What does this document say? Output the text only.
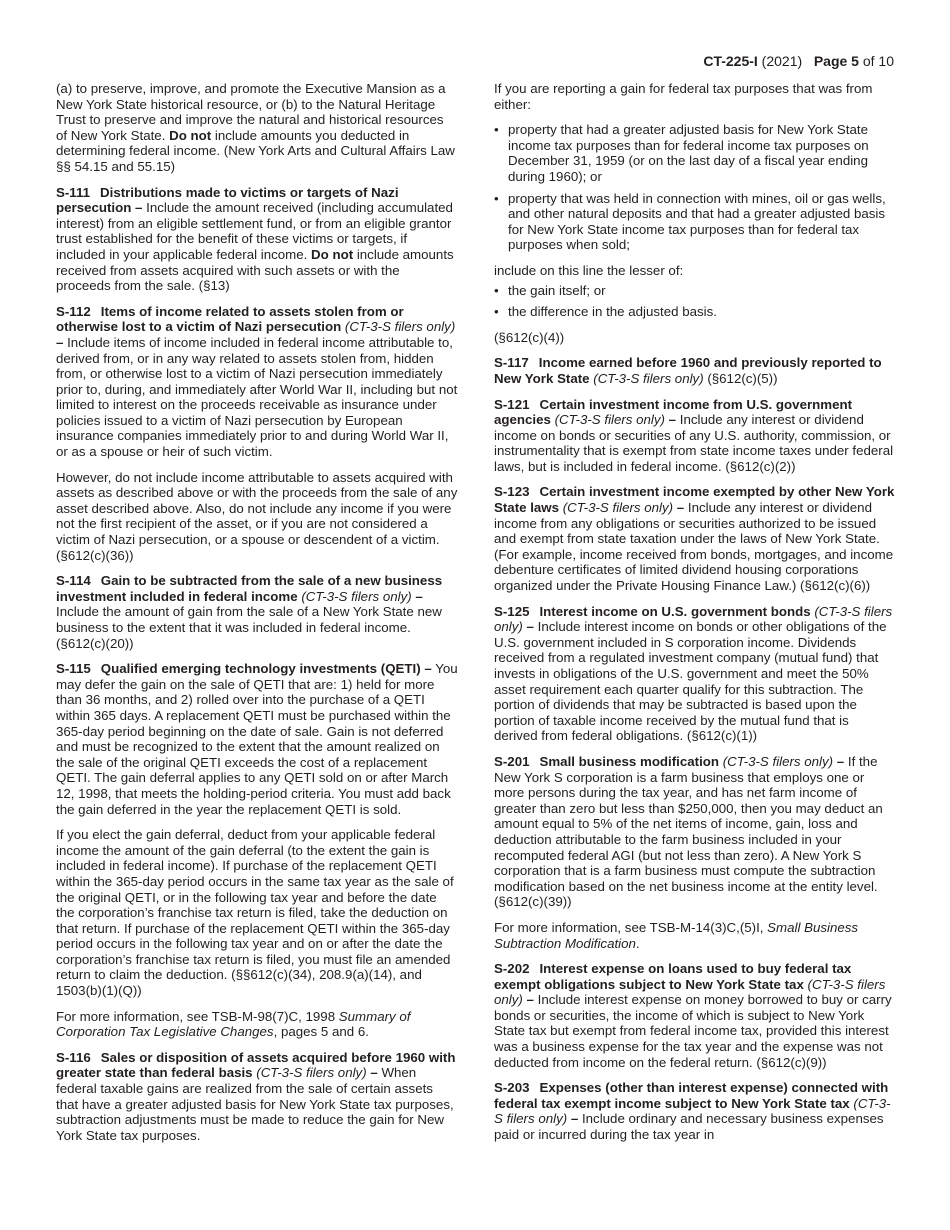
CT-225-I (2021) Page 5 of 10

(a) to preserve, improve, and promote the Executive Mansion as a New York State historical resource, or (b) to the Natural Heritage Trust to preserve and improve the natural and historical resources of New York State. Do not include amounts you deducted in determining federal income. (New York Arts and Cultural Affairs Law §§ 54.15 and 55.15)

S-111 Distributions made to victims or targets of Nazi persecution – Include the amount received (including accumulated interest) from an eligible settlement fund, or from an eligible grantor trust established for the benefit of these victims or targets, if included in your applicable federal income. Do not include amounts received from assets acquired with such assets or with the proceeds from the sale. (§13)

S-112 Items of income related to assets stolen from or otherwise lost to a victim of Nazi persecution (CT-3-S filers only) – Include items of income included in federal income attributable to, derived from, or in any way related to assets stolen from, hidden from, or otherwise lost to a victim of Nazi persecution immediately prior to, during, and immediately after World War II, including but not limited to interest on the proceeds receivable as insurance under policies issued to a victim of Nazi persecution by European insurance companies immediately prior to and during World War II, or as a spouse or heir of such victim.

However, do not include income attributable to assets acquired with assets as described above or with the proceeds from the sale of any asset described above. Also, do not include any income if you were not the first recipient of the asset, or if you are not considered a victim of Nazi persecution, or a spouse or descendent of a victim. (§612(c)(36))

S-114 Gain to be subtracted from the sale of a new business investment included in federal income (CT-3-S filers only) – Include the amount of gain from the sale of a New York State new business to the extent that it was included in federal income. (§612(c)(20))

S-115 Qualified emerging technology investments (QETI) – You may defer the gain on the sale of QETI that are: 1) held for more than 36 months, and 2) rolled over into the purchase of a QETI within 365 days. A replacement QETI must be purchased within the 365-day period beginning on the date of sale. Gain is not deferred and must be recognized to the extent that the amount realized on the sale of the original QETI exceeds the cost of a replacement QETI. The gain deferral applies to any QETI sold on or after March 12, 1998, that meets the holding-period criteria. You must add back the gain deferred in the year the replacement QETI is sold.

If you elect the gain deferral, deduct from your applicable federal income the amount of the gain deferral (to the extent the gain is included in federal income). If purchase of the replacement QETI within the 365-day period occurs in the same tax year as the sale of the original QETI, or in the following tax year and before the date the corporation’s franchise tax return is filed, take the deduction on that return. If purchase of the replacement QETI within the 365-day period occurs in the following tax year and on or after the date the corporation’s franchise tax return is filed, you must file an amended return to claim the deduction. (§§612(c)(34), 208.9(a)(14), and 1503(b)(1)(Q))

For more information, see TSB-M-98(7)C, 1998 Summary of Corporation Tax Legislative Changes, pages 5 and 6.

S-116 Sales or disposition of assets acquired before 1960 with greater state than federal basis (CT-3-S filers only) – When federal taxable gains are realized from the sale of certain assets that have a greater adjusted basis for New York State tax purposes, subtraction adjustments must be made to reduce the gain for New York State tax purposes.

If you are reporting a gain for federal tax purposes that was from either:

• property that had a greater adjusted basis for New York State income tax purposes than for federal income tax purposes on December 31, 1959 (or on the last day of a fiscal year ending during 1960); or
• property that was held in connection with mines, oil or gas wells, and other natural deposits and that had a greater adjusted basis for New York State income tax purposes than for federal tax purposes when sold;

include on this line the lesser of:

• the gain itself; or
• the difference in the adjusted basis.

(§612(c)(4))

S-117 Income earned before 1960 and previously reported to New York State (CT-3-S filers only) (§612(c)(5))

S-121 Certain investment income from U.S. government agencies (CT-3-S filers only) – Include any interest or dividend income on bonds or securities of any U.S. authority, commission, or instrumentality that is exempt from state income taxes under federal laws, but is included in federal income. (§612(c)(2))

S-123 Certain investment income exempted by other New York State laws (CT-3-S filers only) – Include any interest or dividend income from any obligations or securities authorized to be issued and exempt from state taxation under the laws of New York State. (For example, income received from bonds, mortgages, and income debenture certificates of limited dividend housing corporations organized under the Private Housing Finance Law.) (§612(c)(6))

S-125 Interest income on U.S. government bonds (CT-3-S filers only) – Include interest income on bonds or other obligations of the U.S. government included in S corporation income. Dividends received from a regulated investment company (mutual fund) that invests in obligations of the U.S. government and meet the 50% asset requirement each quarter qualify for this subtraction. The portion of dividends that may be subtracted is based upon the portion of taxable income received by the mutual fund that is derived from federal obligations. (§612(c)(1))

S-201 Small business modification (CT-3-S filers only) – If the New York S corporation is a farm business that employs one or more persons during the tax year, and has net farm income of greater than zero but less than $250,000, then you may deduct an amount equal to 5% of the net items of income, gain, loss and deduction attributable to the farm business included in your recomputed federal AGI (but not less than zero). A New York S corporation that is a farm business must compute the subtraction modification based on the net business income at the entity level. (§612(c)(39))

For more information, see TSB-M-14(3)C,(5)I, Small Business Subtraction Modification.

S-202 Interest expense on loans used to buy federal tax exempt obligations subject to New York State tax (CT-3-S filers only) – Include interest expense on money borrowed to buy or carry bonds or securities, the income of which is subject to New York State tax but exempt from federal income tax, provided this interest was a business expense for the tax year and the expense was not deducted from income on the federal return. (§612(c)(9))

S-203 Expenses (other than interest expense) connected with federal tax exempt income subject to New York State tax (CT-3-S filers only) – Include ordinary and necessary business expenses paid or incurred during the tax year in
